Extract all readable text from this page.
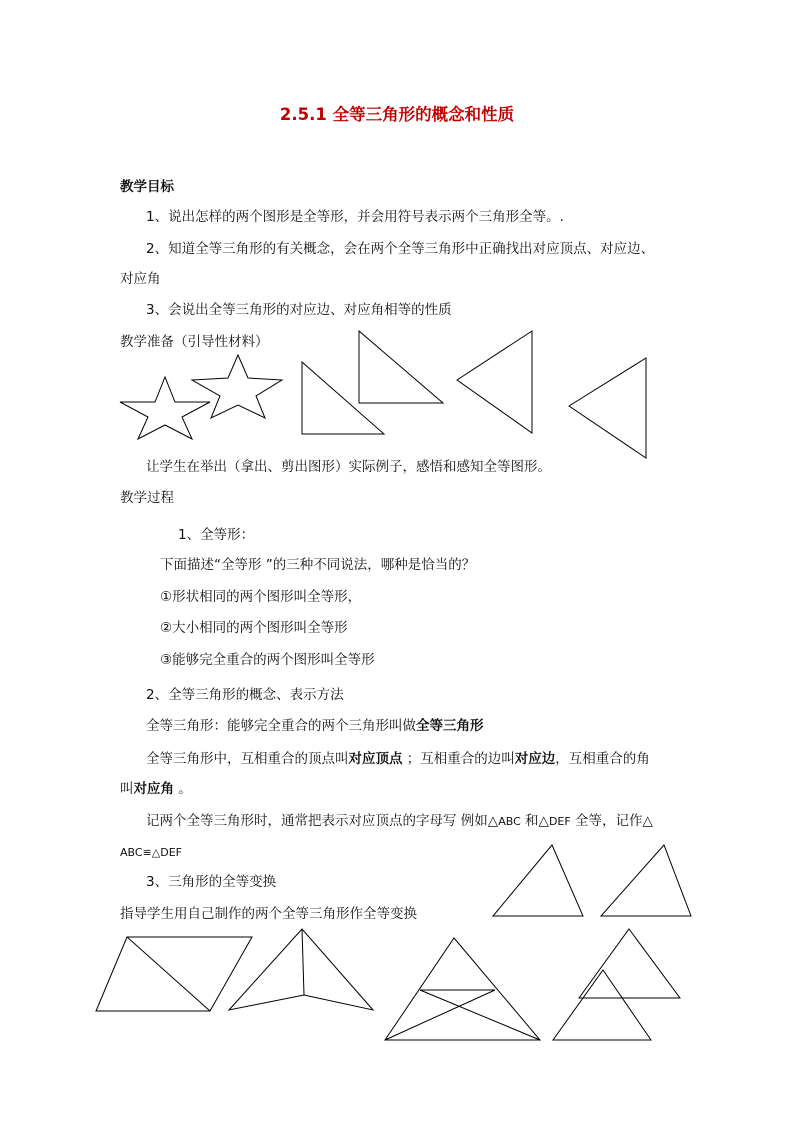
2.5.1 全等三角形的概念和性质
教学目标
1、说出怎样的两个图形是全等形，并会用符号表示两个三角形全等。.
2、知道全等三角形的有关概念，会在两个全等三角形中正确找出对应顶点、对应边、
对应角
3、会说出全等三角形的对应边、对应角相等的性质
教学准备（引导性材料）
让学生在举出（拿出、剪出图形）实际例子，感悟和感知全等图形。
教学过程
1、全等形：
下面描述“全等形 ”的三种不同说法，哪种是恰当的？
①形状相同的两个图形叫全等形，
②大小相同的两个图形叫全等形
③能够完全重合的两个图形叫全等形
2、全等三角形的概念、表示方法
全等三角形：能够完全重合的两个三角形叫做全等三角形
全等三角形中，互相重合的顶点叫对应顶点 ；互相重合的边叫对应边，互相重合的角
叫对应角 。
记两个全等三角形时，通常把表示对应顶点的字母写 例如△ABC 和△DEF 全等，记作△
ABC≌△DEF
3、三角形的全等变换
指导学生用自己制作的两个全等三角形作全等变换
